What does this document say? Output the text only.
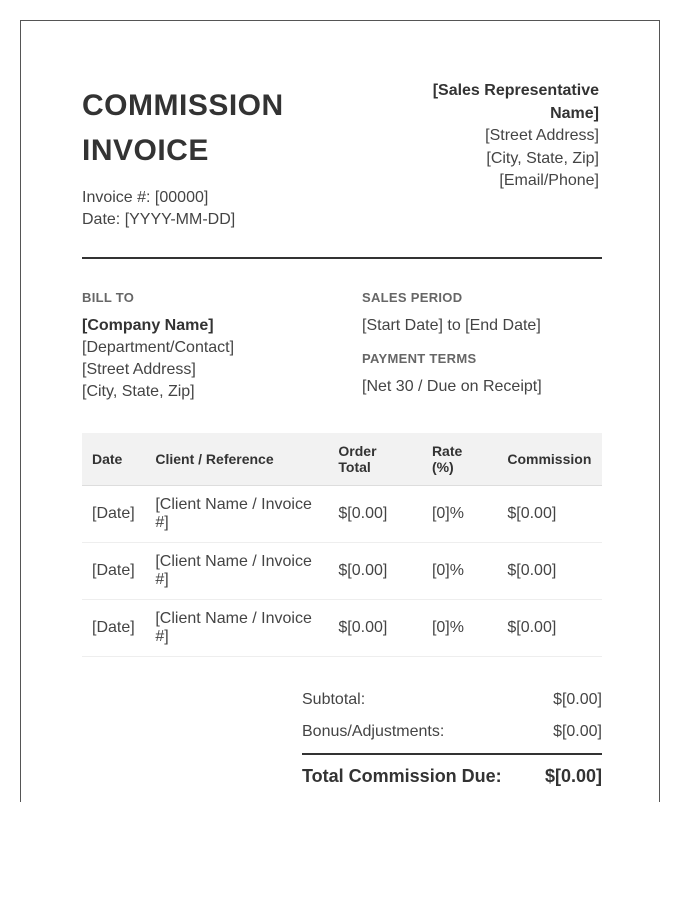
COMMISSION
INVOICE
Invoice #: [00000]
Date: [YYYY-MM-DD]
[Sales Representative Name]
[Street Address]
[City, State, Zip]
[Email/Phone]
BILL TO
[Company Name]
[Department/Contact]
[Street Address]
[City, State, Zip]
SALES PERIOD
[Start Date] to [End Date]
PAYMENT TERMS
[Net 30 / Due on Receipt]
Date	Client / Reference	Order Total	Rate (%)	Commission
[Date]	[Client Name / Invoice #]	$[0.00]	[0]%	$[0.00]
[Date]	[Client Name / Invoice #]	$[0.00]	[0]%	$[0.00]
[Date]	[Client Name / Invoice #]	$[0.00]	[0]%	$[0.00]
Subtotal:	$[0.00]
Bonus/Adjustments:	$[0.00]
Total Commission Due: $[0.00]
